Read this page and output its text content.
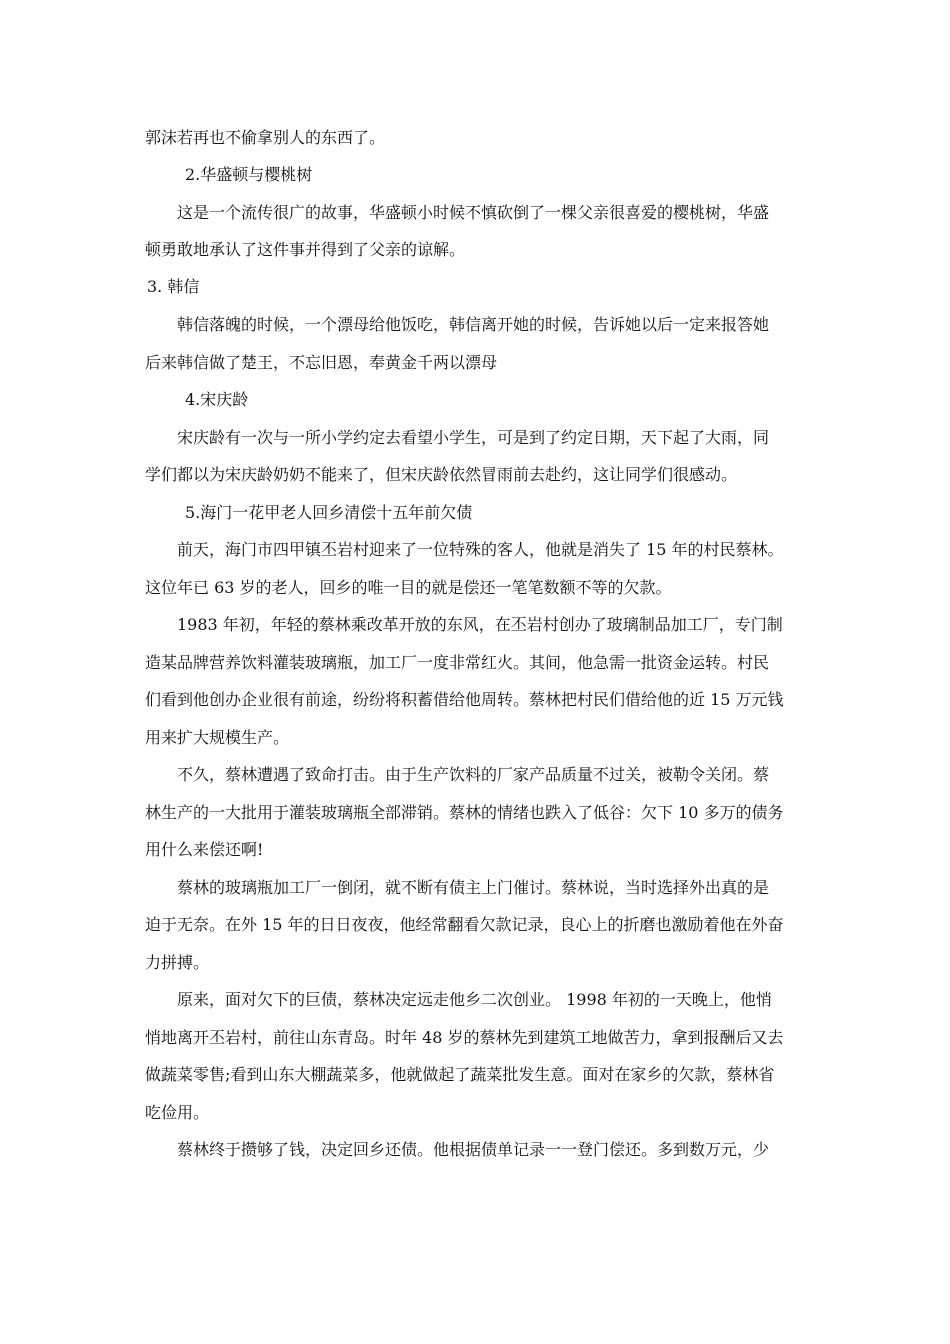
郭沫若再也不偷拿别人的东西了。
2.华盛顿与樱桃树
这是一个流传很广的故事，华盛顿小时候不慎砍倒了一棵父亲很喜爱的樱桃树，华盛
顿勇敢地承认了这件事并得到了父亲的谅解。
3. 韩信
韩信落魄的时候，一个漂母给他饭吃，韩信离开她的时候，告诉她以后一定来报答她
后来韩信做了楚王，不忘旧恩，奉黄金千两以漂母
4.宋庆龄
宋庆龄有一次与一所小学约定去看望小学生，可是到了约定日期，天下起了大雨，同
学们都以为宋庆龄奶奶不能来了，但宋庆龄依然冒雨前去赴约，这让同学们很感动。
5.海门一花甲老人回乡清偿十五年前欠债
前天，海门市四甲镇丕岩村迎来了一位特殊的客人，他就是消失了 15 年的村民蔡林。
这位年已 63 岁的老人，回乡的唯一目的就是偿还一笔笔数额不等的欠款。
1983 年初，年轻的蔡林乘改革开放的东风，在丕岩村创办了玻璃制品加工厂，专门制
造某品牌营养饮料灌装玻璃瓶，加工厂一度非常红火。其间，他急需一批资金运转。村民
们看到他创办企业很有前途，纷纷将积蓄借给他周转。蔡林把村民们借给他的近 15 万元钱
用来扩大规模生产。
不久，蔡林遭遇了致命打击。由于生产饮料的厂家产品质量不过关，被勒令关闭。蔡
林生产的一大批用于灌装玻璃瓶全部滞销。蔡林的情绪也跌入了低谷：欠下 10 多万的债务
用什么来偿还啊!
蔡林的玻璃瓶加工厂一倒闭，就不断有债主上门催讨。蔡林说，当时选择外出真的是
迫于无奈。在外 15 年的日日夜夜，他经常翻看欠款记录，良心上的折磨也激励着他在外奋
力拼搏。
原来，面对欠下的巨债，蔡林决定远走他乡二次创业。 1998 年初的一天晚上，他悄
悄地离开丕岩村，前往山东青岛。时年 48 岁的蔡林先到建筑工地做苦力，拿到报酬后又去
做蔬菜零售;看到山东大棚蔬菜多，他就做起了蔬菜批发生意。面对在家乡的欠款，蔡林省
吃俭用。
蔡林终于攒够了钱，决定回乡还债。他根据债单记录一一登门偿还。多到数万元，少
